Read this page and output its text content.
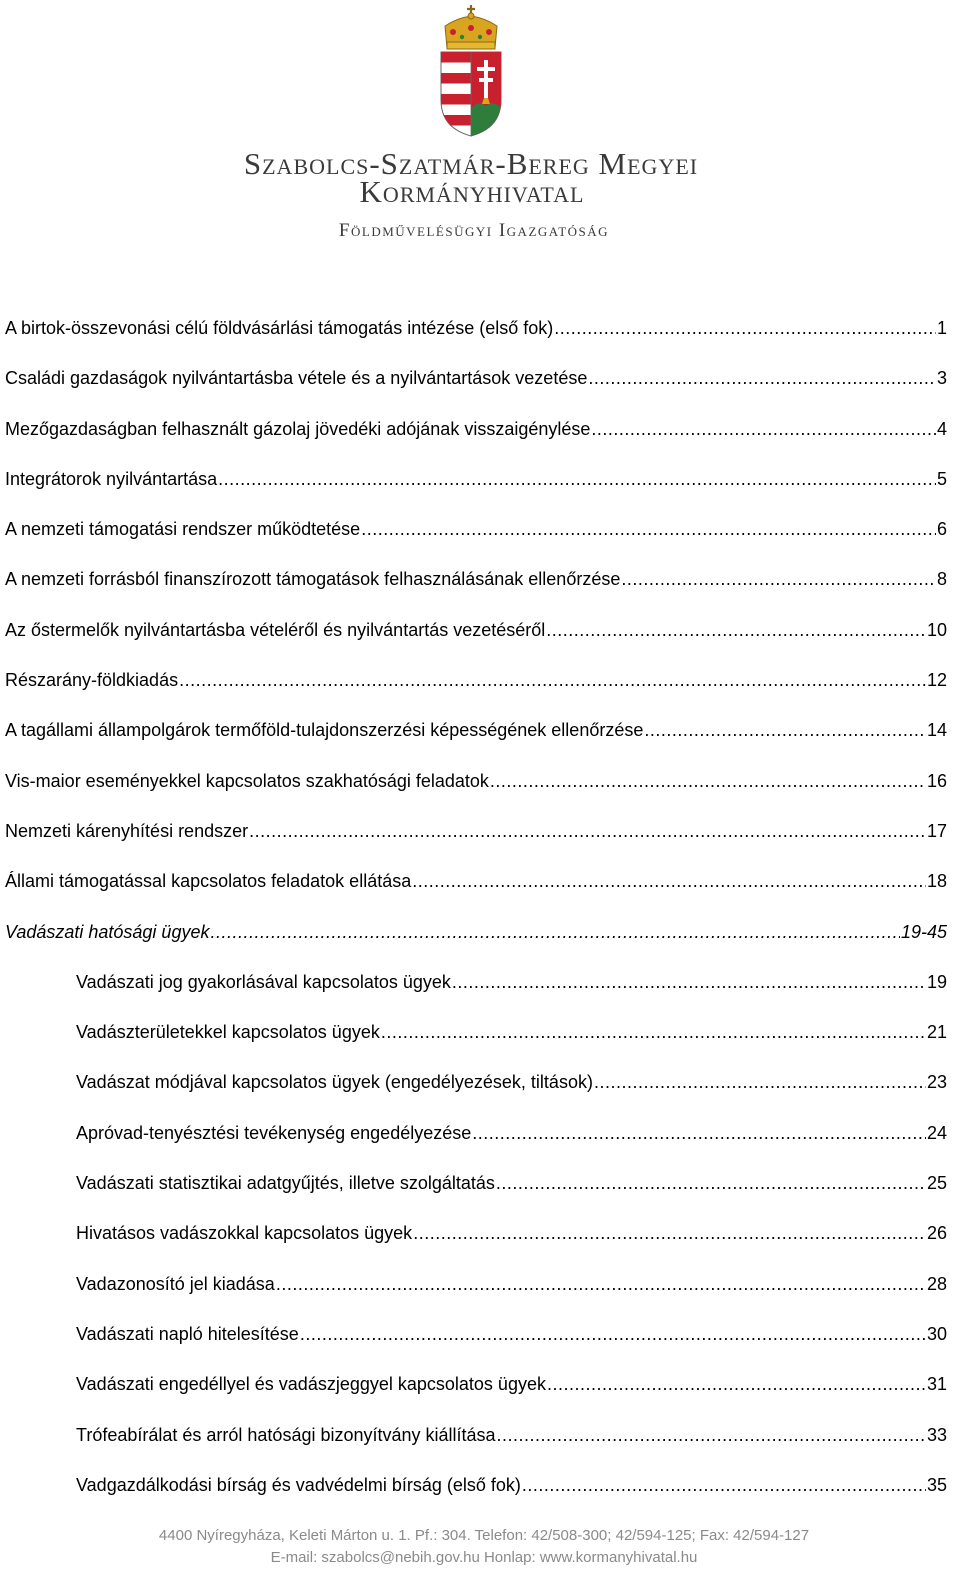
Szabolcs-Szatmár-Bereg Megyei
Kormányhivatal
Földművelésügyi Igazgatóság
A birtok-összevonási célú földvásárlási támogatás intézése (első fok) .....	1
Családi gazdaságok nyilvántartásba vétele és a nyilvántartások vezetése .....	3
Mezőgazdaságban felhasznált gázolaj jövedéki adójának visszaigénylése .....	4
Integrátorok nyilvántartása .....	5
A nemzeti támogatási rendszer működtetése .....	6
A nemzeti forrásból finanszírozott támogatások felhasználásának ellenőrzése .....	8
Az őstermelők nyilvántartásba vételéről és nyilvántartás vezetéséről .....	10
Részarány-földkiadás .....	12
A tagállami állampolgárok termőföld-tulajdonszerzési képességének ellenőrzése .....	14
Vis-maior eseményekkel kapcsolatos szakhatósági feladatok .....	16
Nemzeti kárenyhítési rendszer .....	17
Állami támogatással kapcsolatos feladatok ellátása .....	18
Vadászati hatósági ügyek .....	19-45
Vadászati jog gyakorlásával kapcsolatos ügyek .....	19
Vadászterületekkel kapcsolatos ügyek .....	21
Vadászat módjával kapcsolatos ügyek (engedélyezések, tiltások) .....	23
Apróvad-tenyésztési tevékenység engedélyezése .....	24
Vadászati statisztikai adatgyűjtés, illetve szolgáltatás .....	25
Hivatásos vadászokkal kapcsolatos ügyek .....	26
Vadazonosító jel kiadása .....	28
Vadászati napló hitelesítése .....	30
Vadászati engedéllyel és vadászjeggyel kapcsolatos ügyek .....	31
Trófeabírálat és arról hatósági bizonyítvány kiállítása .....	33
Vadgazdálkodási bírság és vadvédelmi bírság (első fok) .....	35
4400 Nyíregyháza, Keleti Márton u. 1. Pf.: 304. Telefon: 42/508-300; 42/594-125; Fax: 42/594-127
E-mail: szabolcs@nebih.gov.hu Honlap: www.kormanyhivatal.hu
